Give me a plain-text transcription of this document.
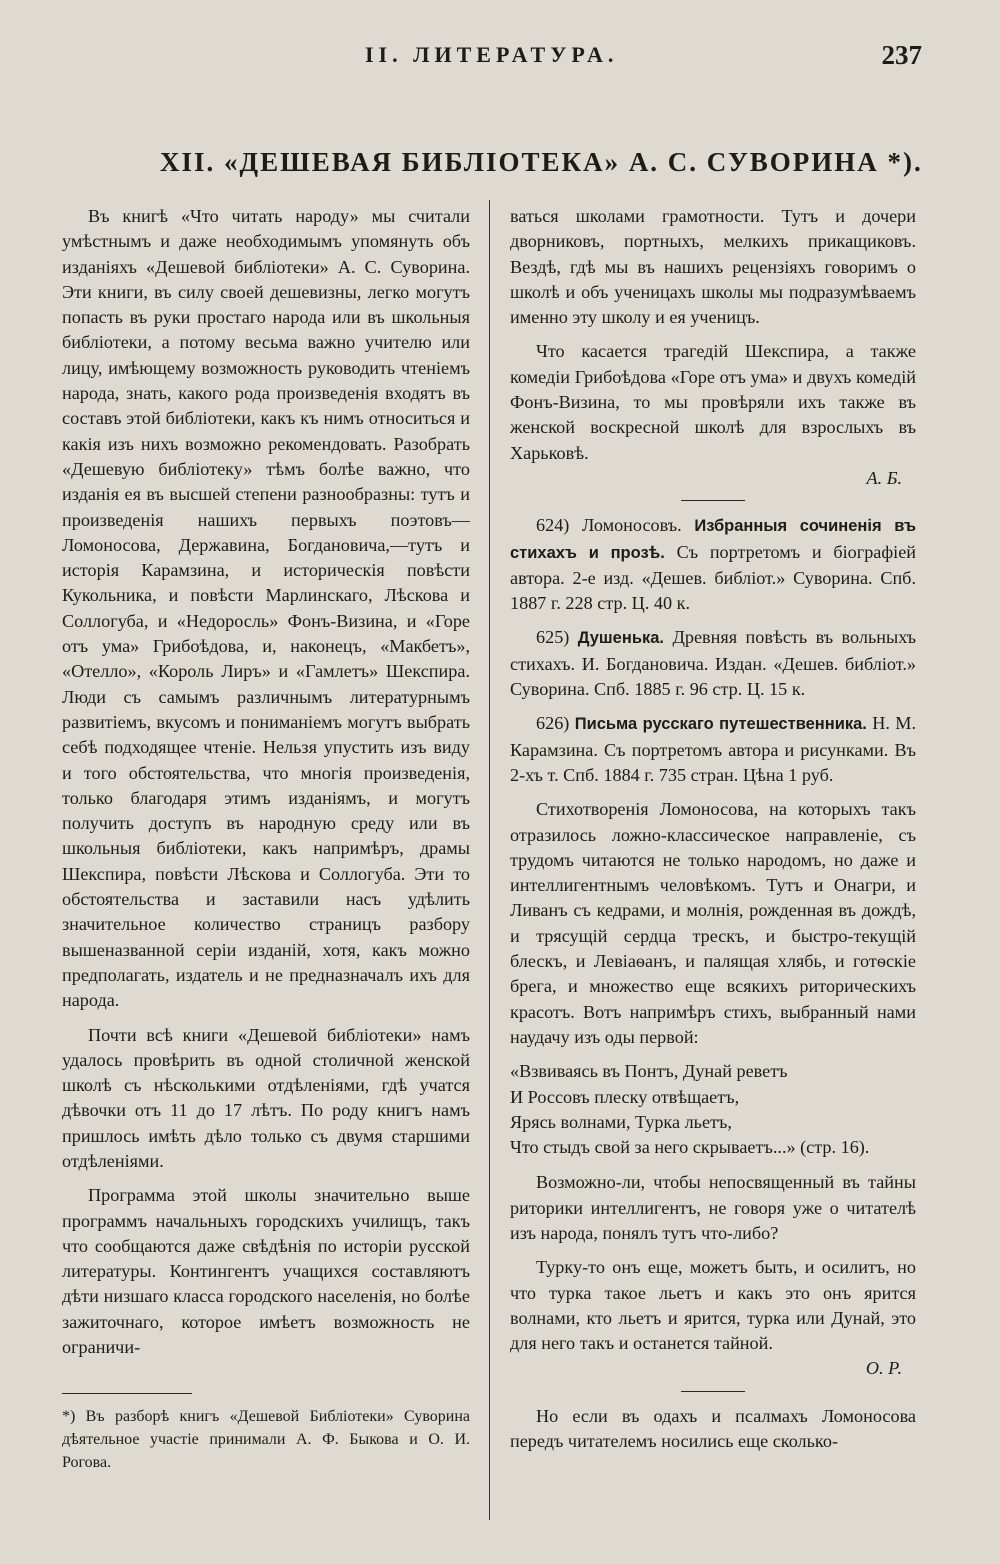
II. ЛИТЕРАТУРА.	237
XII. «ДЕШЕВАЯ БИБЛІОТЕКА» А. С. СУВОРИНА *).

Въ книгѣ «Что читать народу» мы считали умѣстнымъ и даже необходимымъ упомянуть объ изданіяхъ «Дешевой библіотеки» А. С. Суворина. Эти книги, въ силу своей дешевизны, легко могутъ попасть въ руки простаго народа или въ школьныя библіотеки, а потому весьма важно учителю или лицу, имѣющему возможность руководить чтеніемъ народа, знать, какого рода произведенія входятъ въ составъ этой библіотеки, какъ къ нимъ относиться и какія изъ нихъ возможно рекомендовать. Разобрать «Дешевую библіотеку» тѣмъ болѣе важно, что изданія ея въ высшей степени разнообразны: тутъ и произведенія нашихъ первыхъ поэтовъ— Ломоносова, Державина, Богдановича,—тутъ и исторія Карамзина, и историческія повѣсти Кукольника, и повѣсти Марлинскаго, Лѣскова и Соллогуба, и «Недоросль» Фонъ-Визина, и «Горе отъ ума» Грибоѣдова, и, наконецъ, «Макбетъ», «Отелло», «Король Лиръ» и «Гамлетъ» Шекспира. Люди съ самымъ различнымъ литературнымъ развитіемъ, вкусомъ и пониманіемъ могутъ выбрать себѣ подходящее чтеніе. Нельзя упустить изъ виду и того обстоятельства, что многія произведенія, только благодаря этимъ изданіямъ, и могутъ получить доступъ въ народную среду или въ школьныя библіотеки, какъ напримѣръ, драмы Шекспира, повѣсти Лѣскова и Соллогуба. Эти то обстоятельства и заставили насъ удѣлить значительное количество страницъ разбору вышеназванной серіи изданій, хотя, какъ можно предполагать, издатель и не предназначалъ ихъ для народа.

Почти всѣ книги «Дешевой библіотеки» намъ удалось провѣрить въ одной столичной женской школѣ съ нѣсколькими отдѣленіями, гдѣ учатся дѣвочки отъ 11 до 17 лѣтъ. По роду книгъ намъ пришлось имѣть дѣло только съ двумя старшими отдѣленіями.

Программа этой школы значительно выше программъ начальныхъ городскихъ училищъ, такъ что сообщаются даже свѣдѣнія по исторіи русской литературы. Контингентъ учащихся составляютъ дѣти низшаго класса городского населенія, но болѣе зажиточнаго, которое имѣетъ возможность не ограничи-

ваться школами грамотности. Тутъ и дочери дворниковъ, портныхъ, мелкихъ прикащиковъ. Вездѣ, гдѣ мы въ нашихъ рецензіяхъ говоримъ о школѣ и объ ученицахъ школы мы подразумѣваемъ именно эту школу и ея ученицъ.

Что касается трагедій Шекспира, а также комедіи Грибоѣдова «Горе отъ ума» и двухъ комедій Фонъ-Визина, то мы провѣряли ихъ также въ женской воскресной школѣ для взрослыхъ въ Харьковѣ.
А. Б.

624) Ломоносовъ. Избранныя сочиненія въ стихахъ и прозѣ. Съ портретомъ и біографіей автора. 2-е изд. «Дешев. библіот.» Суворина. Спб. 1887 г. 228 стр. Ц. 40 к.

625) Душенька. Древняя повѣсть въ вольныхъ стихахъ. И. Богдановича. Издан. «Дешев. библіот.» Суворина. Спб. 1885 г. 96 стр. Ц. 15 к.

626) Письма русскаго путешественника. Н. М. Карамзина. Съ портретомъ автора и рисунками. Въ 2-хъ т. Спб. 1884 г. 735 стран. Цѣна 1 руб.

Стихотворенія Ломоносова, на которыхъ такъ отразилось ложно-классическое направленіе, съ трудомъ читаются не только народомъ, но даже и интеллигентнымъ человѣкомъ. Тутъ и Онагри, и Ливанъ съ кедрами, и молнія, рожденная въ дождѣ, и трясущій сердца трескъ, и быстро-текущій блескъ, и Левіаѳанъ, и палящая хлябь, и готѳскіе брега, и множество еще всякихъ риторическихъ красотъ. Вотъ напримѣръ стихъ, выбранный нами наудачу изъ оды первой:

«Взвиваясь въ Понтъ, Дунай реветъ
И Россовъ плеску отвѣщаетъ,
Ярясь волнами, Турка льетъ,
Что стыдъ свой за него скрываетъ...» (стр. 16).

Возможно-ли, чтобы непосвященный въ тайны риторики интеллигентъ, не говоря уже о читателѣ изъ народа, понялъ тутъ что-либо?

Турку-то онъ еще, можетъ быть, и осилитъ, но что турка такое льетъ и какъ это онъ ярится волнами, кто льетъ и ярится, турка или Дунай, это для него такъ и останется тайной.
О. Р.

Но если въ одахъ и псалмахъ Ломоносова передъ читателемъ носились еще сколько-

*) Въ разборѣ книгъ «Дешевой Библіотеки» Суворина дѣятельное участіе принимали А. Ф. Быкова и О. И. Рогова.
